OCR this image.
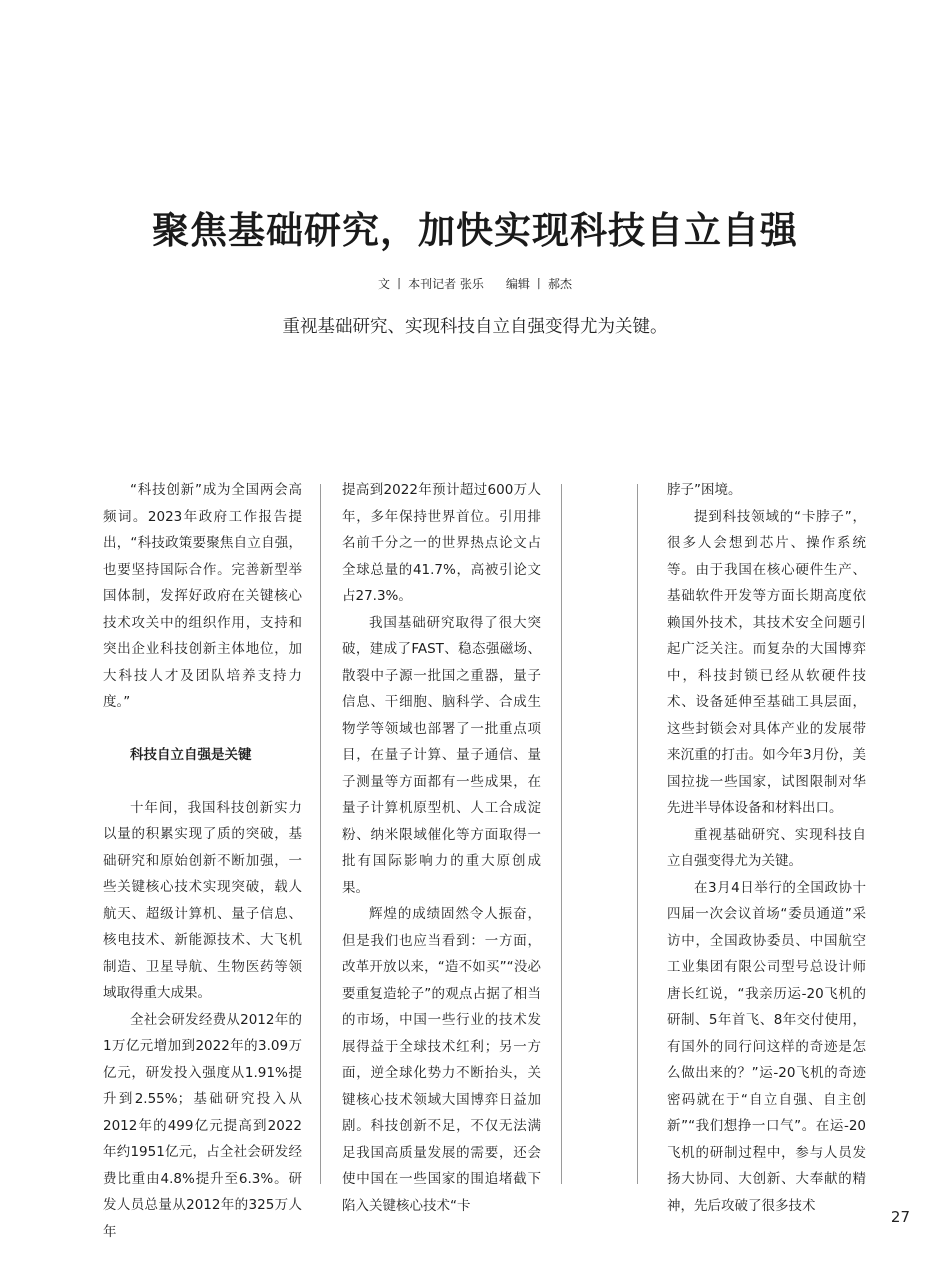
聚焦基础研究，加快实现科技自立自强
文 丨 本刊记者 张乐 编辑 丨 郝杰
重视基础研究、实现科技自立自强变得尤为关键。

“科技创新”成为全国两会高频词。2023年政府工作报告提出，“科技政策要聚焦自立自强，也要坚持国际合作。完善新型举国体制，发挥好政府在关键核心技术攻关中的组织作用，支持和突出企业科技创新主体地位，加大科技人才及团队培养支持力度。”

科技自立自强是关键

十年间，我国科技创新实力以量的积累实现了质的突破，基础研究和原始创新不断加强，一些关键核心技术实现突破，载人航天、超级计算机、量子信息、核电技术、新能源技术、大飞机制造、卫星导航、生物医药等领域取得重大成果。

全社会研发经费从2012年的1万亿元增加到2022年的3.09万亿元，研发投入强度从1.91%提升到2.55%；基础研究投入从2012年的499亿元提高到2022年约1951亿元，占全社会研发经费比重由4.8%提升至6.3%。研发人员总量从2012年的325万人年

提高到2022年预计超过600万人年，多年保持世界首位。引用排名前千分之一的世界热点论文占全球总量的41.7%，高被引论文占27.3%。

我国基础研究取得了很大突破，建成了FAST、稳态强磁场、散裂中子源一批国之重器，量子信息、干细胞、脑科学、合成生物学等领域也部署了一批重点项目，在量子计算、量子通信、量子测量等方面都有一些成果，在量子计算机原型机、人工合成淀粉、纳米限域催化等方面取得一批有国际影响力的重大原创成果。

辉煌的成绩固然令人振奋，但是我们也应当看到：一方面，改革开放以来，“造不如买”“没必要重复造轮子”的观点占据了相当的市场，中国一些行业的技术发展得益于全球技术红利；另一方面，逆全球化势力不断抬头，关键核心技术领域大国博弈日益加剧。科技创新不足，不仅无法满足我国高质量发展的需要，还会使中国在一些国家的围追堵截下陷入关键核心技术“卡

脖子”困境。

提到科技领域的“卡脖子”，很多人会想到芯片、操作系统等。由于我国在核心硬件生产、基础软件开发等方面长期高度依赖国外技术，其技术安全问题引起广泛关注。而复杂的大国博弈中，科技封锁已经从软硬件技术、设备延伸至基础工具层面，这些封锁会对具体产业的发展带来沉重的打击。如今年3月份，美国拉拢一些国家，试图限制对华先进半导体设备和材料出口。

重视基础研究、实现科技自立自强变得尤为关键。

在3月4日举行的全国政协十四届一次会议首场“委员通道”采访中，全国政协委员、中国航空工业集团有限公司型号总设计师唐长红说，“我亲历运-20飞机的研制、5年首飞、8年交付使用，有国外的同行问这样的奇迹是怎么做出来的？”运-20飞机的奇迹密码就在于“自立自强、自主创新”“我们想挣一口气”。在运-20飞机的研制过程中，参与人员发扬大协同、大创新、大奉献的精神，先后攻破了很多技术

27
